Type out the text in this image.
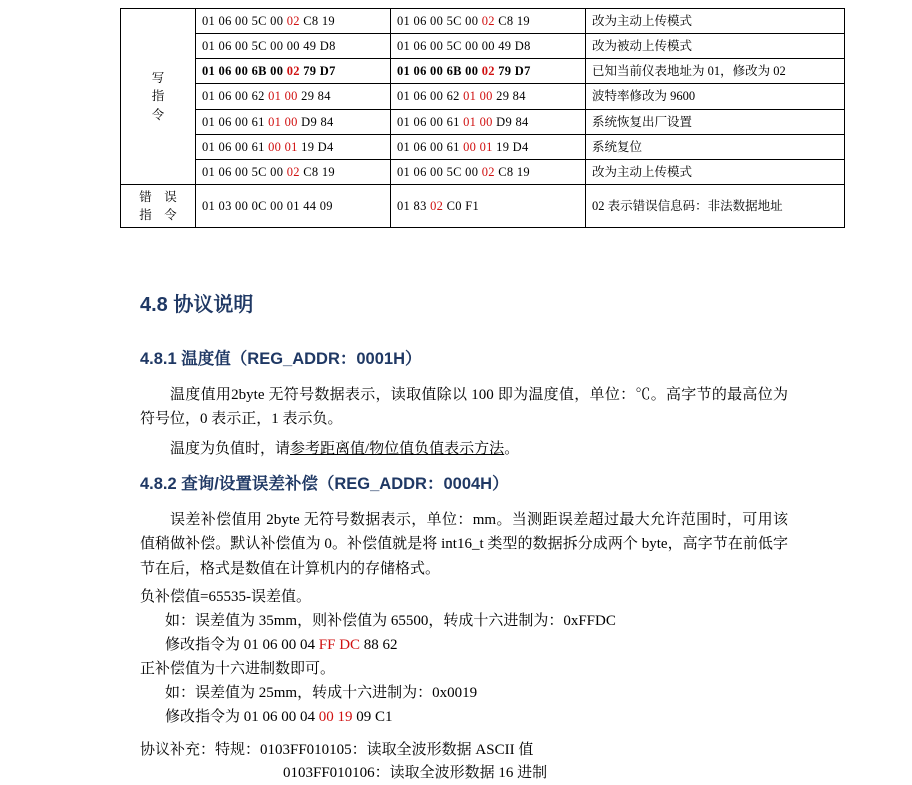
写
指
令	01 06 00 5C 00 02 C8 19	01 06 00 5C 00 02 C8 19	改为主动上传模式
	01 06 00 5C 00 00 49 D8	01 06 00 5C 00 00 49 D8	改为被动上传模式
	01 06 00 6B 00 02 79 D7	01 06 00 6B 00 02 79 D7	已知当前仪表地址为 01，修改为 02
	01 06 00 62 01 00 29 84	01 06 00 62 01 00 29 84	波特率修改为 9600
	01 06 00 61 01 00 D9 84	01 06 00 61 01 00 D9 84	系统恢复出厂设置
	01 06 00 61 00 01 19 D4	01 06 00 61 00 01 19 D4	系统复位
	01 06 00 5C 00 02 C8 19	01 06 00 5C 00 02 C8 19	改为主动上传模式

错　误
指　令	01 03 00 0C 00 01 44 09	01 83 02 C0 F1	02 表示错误信息码：非法数据地址
4.8 协议说明
4.8.1 温度值（REG_ADDR：0001H）
温度值用2byte 无符号数据表示，读取值除以 100 即为温度值，单位：℃。高字节的最高位为符号位，0 表示正，1 表示负。
温度为负值时，请参考距离值/物位值负值表示方法。
4.8.2 查询/设置误差补偿（REG_ADDR：0004H）
误差补偿值用 2byte 无符号数据表示，单位：mm。当测距误差超过最大允许范围时，可用该值稍做补偿。默认补偿值为 0。补偿值就是将 int16_t 类型的数据拆分成两个 byte，高字节在前低字节在后，格式是数值在计算机内的存储格式。
负补偿值=65535-误差值。
如：误差值为 35mm，则补偿值为 65500，转成十六进制为：0xFFDC
修改指令为 01 06 00 04 FF DC 88 62
正补偿值为十六进制数即可。
如：误差值为 25mm，转成十六进制为：0x0019
修改指令为 01 06 00 04 00 19 09 C1
协议补充：特规：0103FF010105：读取全波形数据 ASCII 值
0103FF010106：读取全波形数据 16 进制
